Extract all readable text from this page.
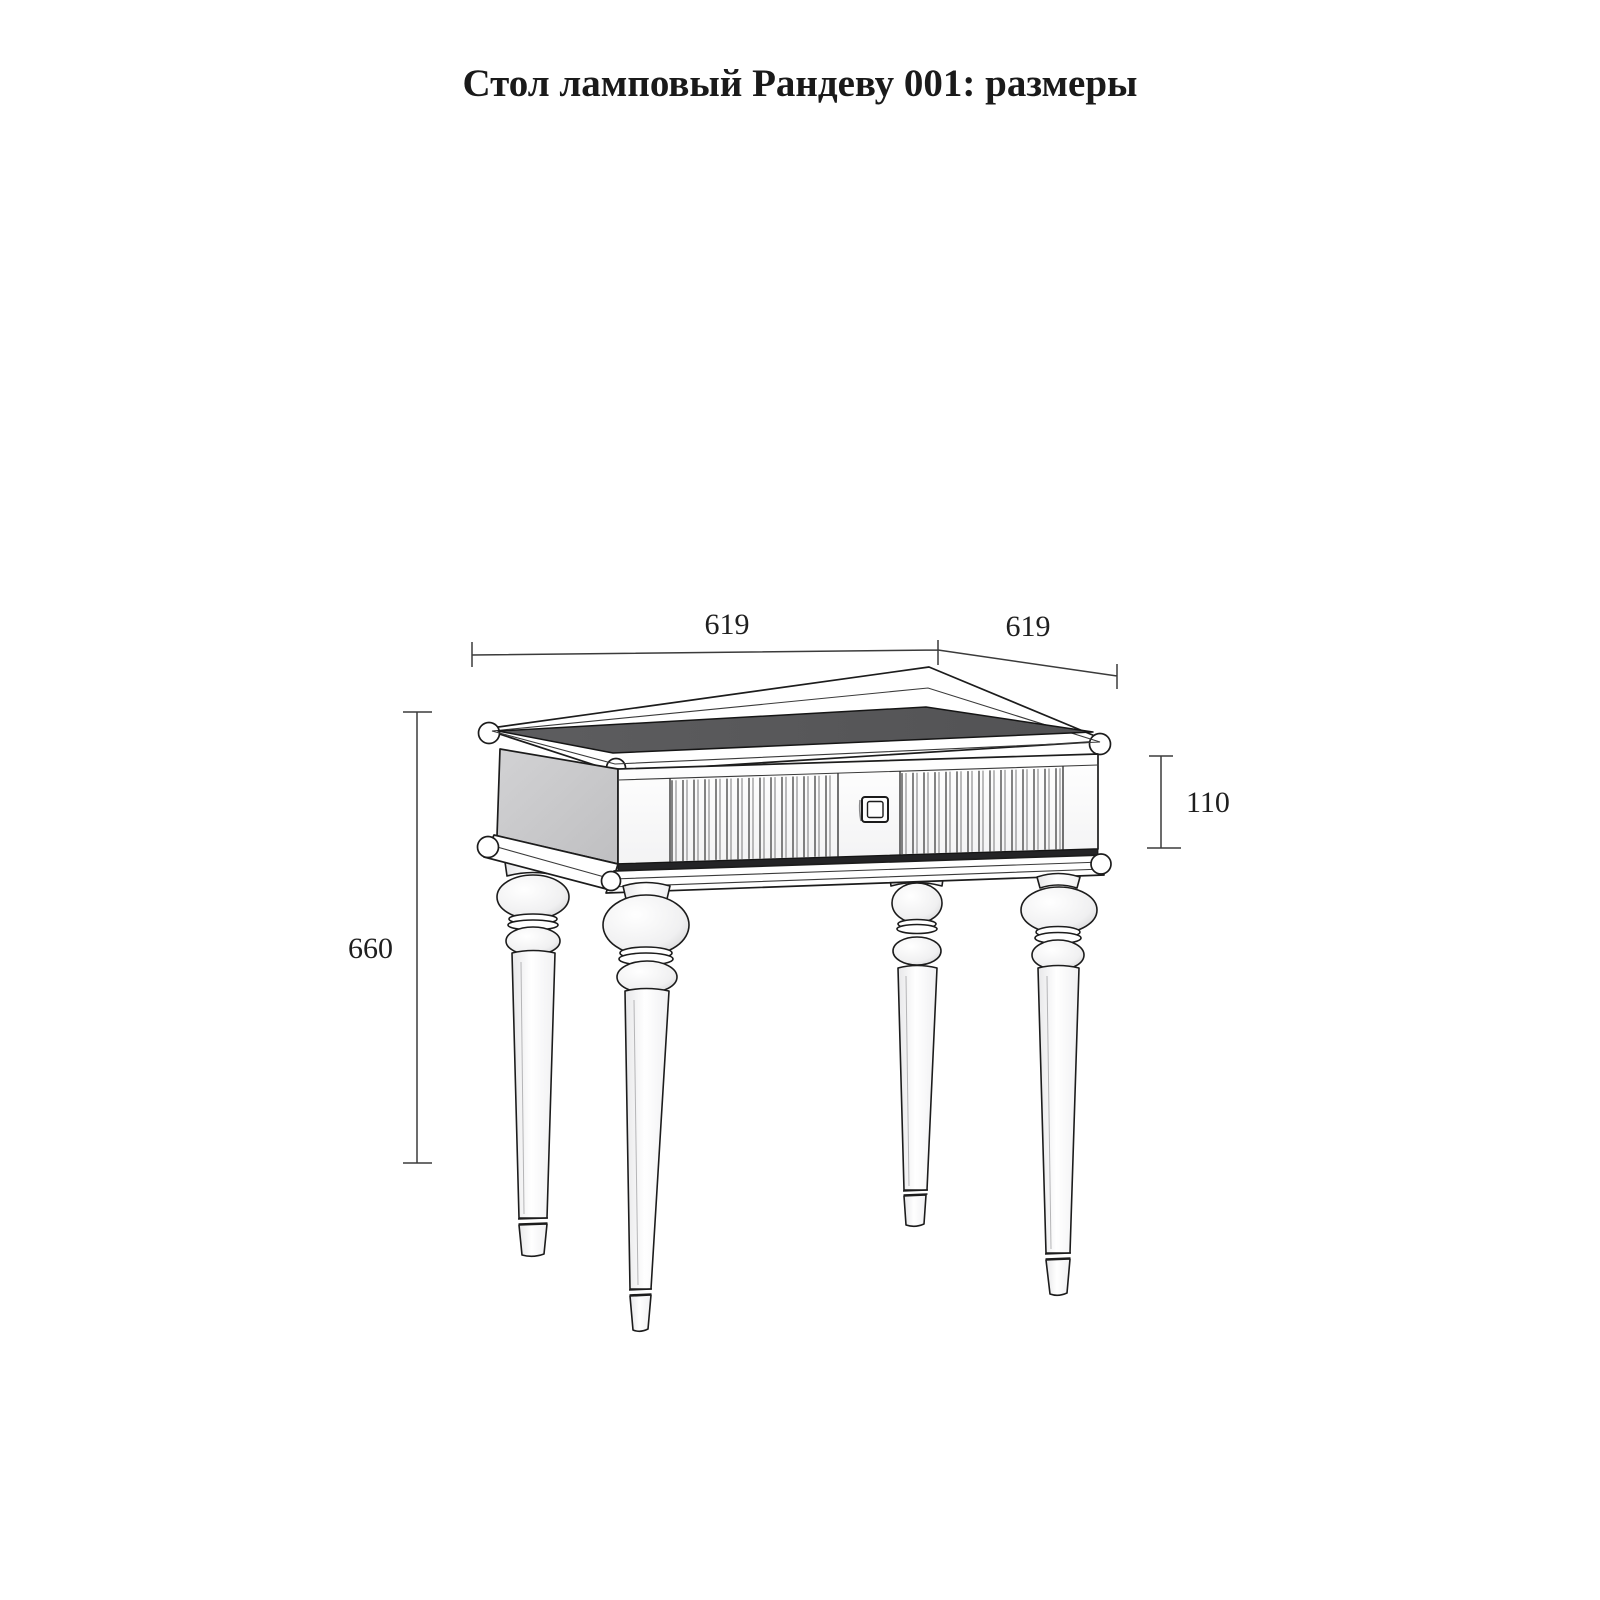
Стол ламповый Рандеву 001: размеры
619	619
110
660
